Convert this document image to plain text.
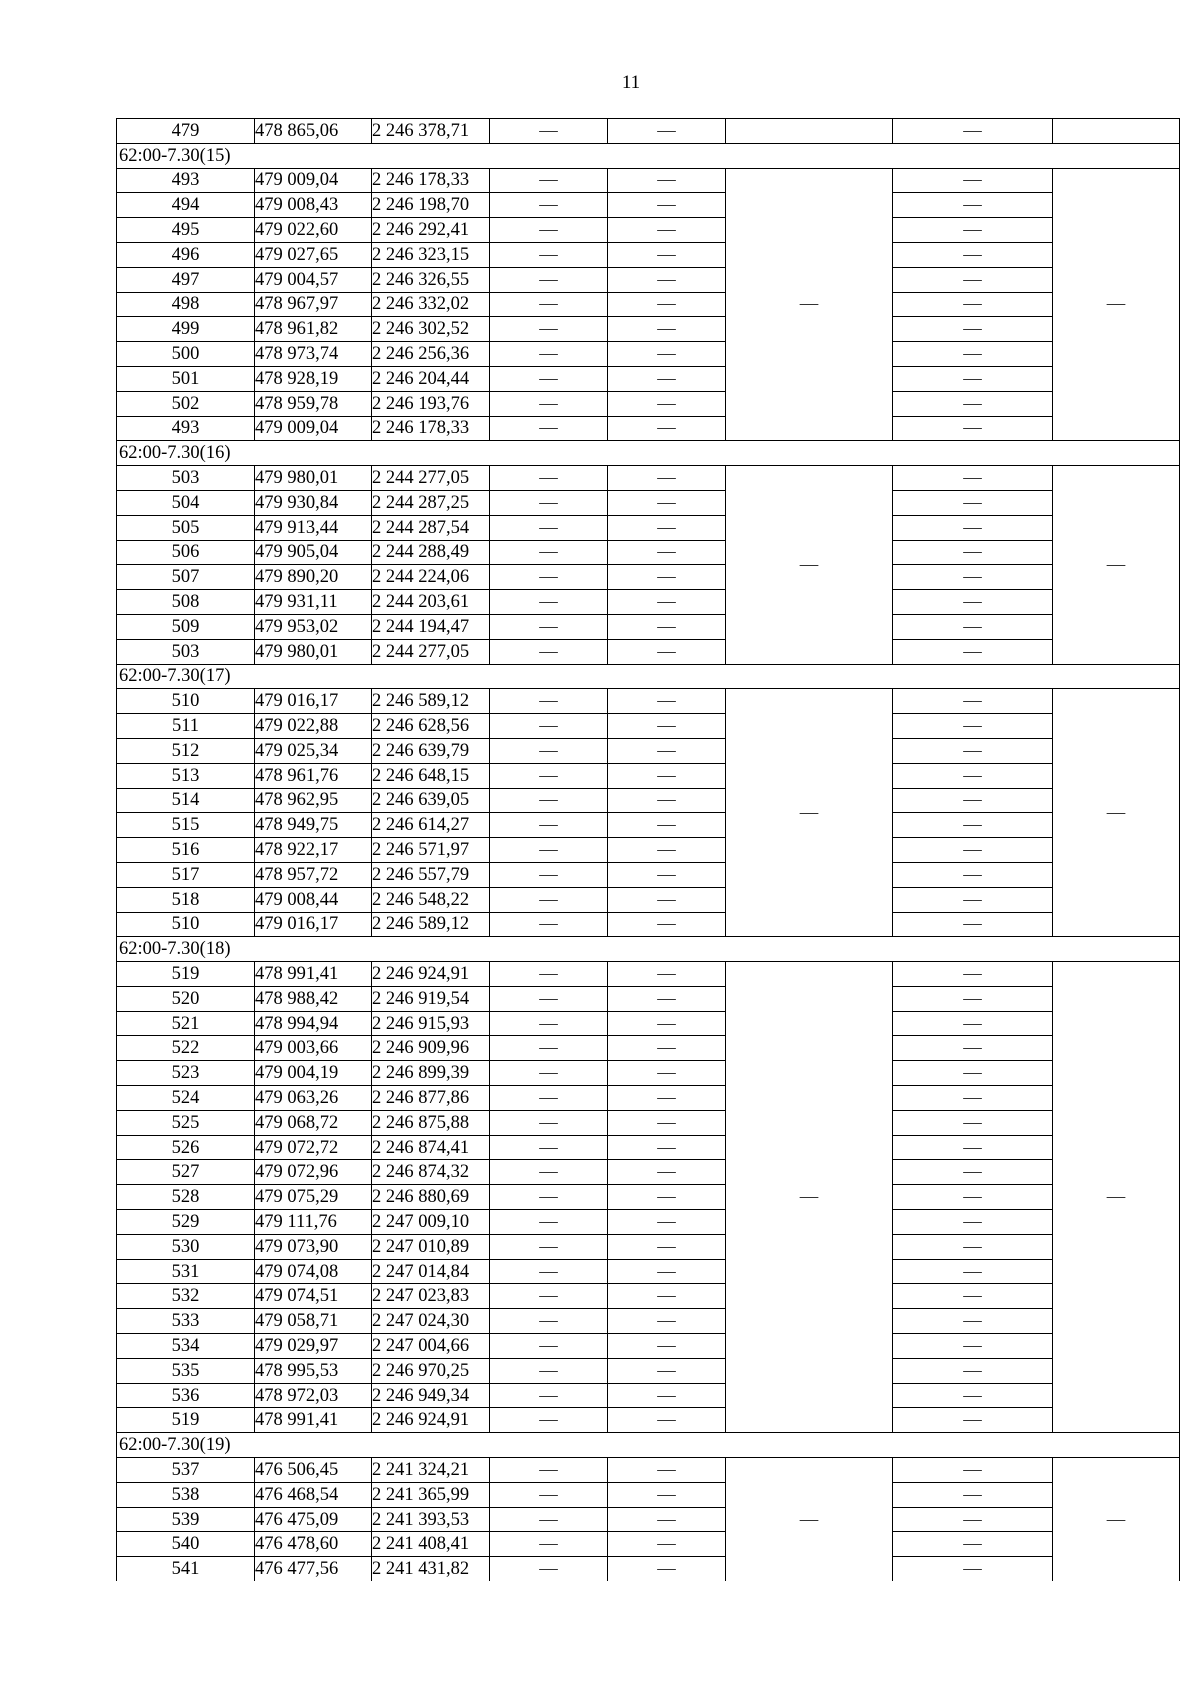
11
479	478 865,06	2 246 378,71	—	—		—	
62:00-7.30(15)							
493	479 009,04	2 246 178,33	—	—	—	—	—
494	479 008,43	2 246 198,70	—	—		—	
495	479 022,60	2 246 292,41	—	—		—	
496	479 027,65	2 246 323,15	—	—		—	
497	479 004,57	2 246 326,55	—	—		—	
498	478 967,97	2 246 332,02	—	—		—	
499	478 961,82	2 246 302,52	—	—		—	
500	478 973,74	2 246 256,36	—	—		—	
501	478 928,19	2 246 204,44	—	—		—	
502	478 959,78	2 246 193,76	—	—		—	
493	479 009,04	2 246 178,33	—	—		—	
62:00-7.30(16)							
503	479 980,01	2 244 277,05	—	—	—	—	—
504	479 930,84	2 244 287,25	—	—		—	
505	479 913,44	2 244 287,54	—	—		—	
506	479 905,04	2 244 288,49	—	—		—	
507	479 890,20	2 244 224,06	—	—		—	
508	479 931,11	2 244 203,61	—	—		—	
509	479 953,02	2 244 194,47	—	—		—	
503	479 980,01	2 244 277,05	—	—		—	
62:00-7.30(17)							
510	479 016,17	2 246 589,12	—	—	—	—	—
511	479 022,88	2 246 628,56	—	—		—	
512	479 025,34	2 246 639,79	—	—		—	
513	478 961,76	2 246 648,15	—	—		—	
514	478 962,95	2 246 639,05	—	—		—	
515	478 949,75	2 246 614,27	—	—		—	
516	478 922,17	2 246 571,97	—	—		—	
517	478 957,72	2 246 557,79	—	—		—	
518	479 008,44	2 246 548,22	—	—		—	
510	479 016,17	2 246 589,12	—	—		—	
62:00-7.30(18)							
519	478 991,41	2 246 924,91	—	—	—	—	—
520	478 988,42	2 246 919,54	—	—		—	
521	478 994,94	2 246 915,93	—	—		—	
522	479 003,66	2 246 909,96	—	—		—	
523	479 004,19	2 246 899,39	—	—		—	
524	479 063,26	2 246 877,86	—	—		—	
525	479 068,72	2 246 875,88	—	—		—	
526	479 072,72	2 246 874,41	—	—		—	
527	479 072,96	2 246 874,32	—	—		—	
528	479 075,29	2 246 880,69	—	—		—	
529	479 111,76	2 247 009,10	—	—		—	
530	479 073,90	2 247 010,89	—	—		—	
531	479 074,08	2 247 014,84	—	—		—	
532	479 074,51	2 247 023,83	—	—		—	
533	479 058,71	2 247 024,30	—	—		—	
534	479 029,97	2 247 004,66	—	—		—	
535	478 995,53	2 246 970,25	—	—		—	
536	478 972,03	2 246 949,34	—	—		—	
519	478 991,41	2 246 924,91	—	—		—	
62:00-7.30(19)							
537	476 506,45	2 241 324,21	—	—	—	—	—
538	476 468,54	2 241 365,99	—	—		—	
539	476 475,09	2 241 393,53	—	—		—	
540	476 478,60	2 241 408,41	—	—		—	
541	476 477,56	2 241 431,82	—	—		—	
